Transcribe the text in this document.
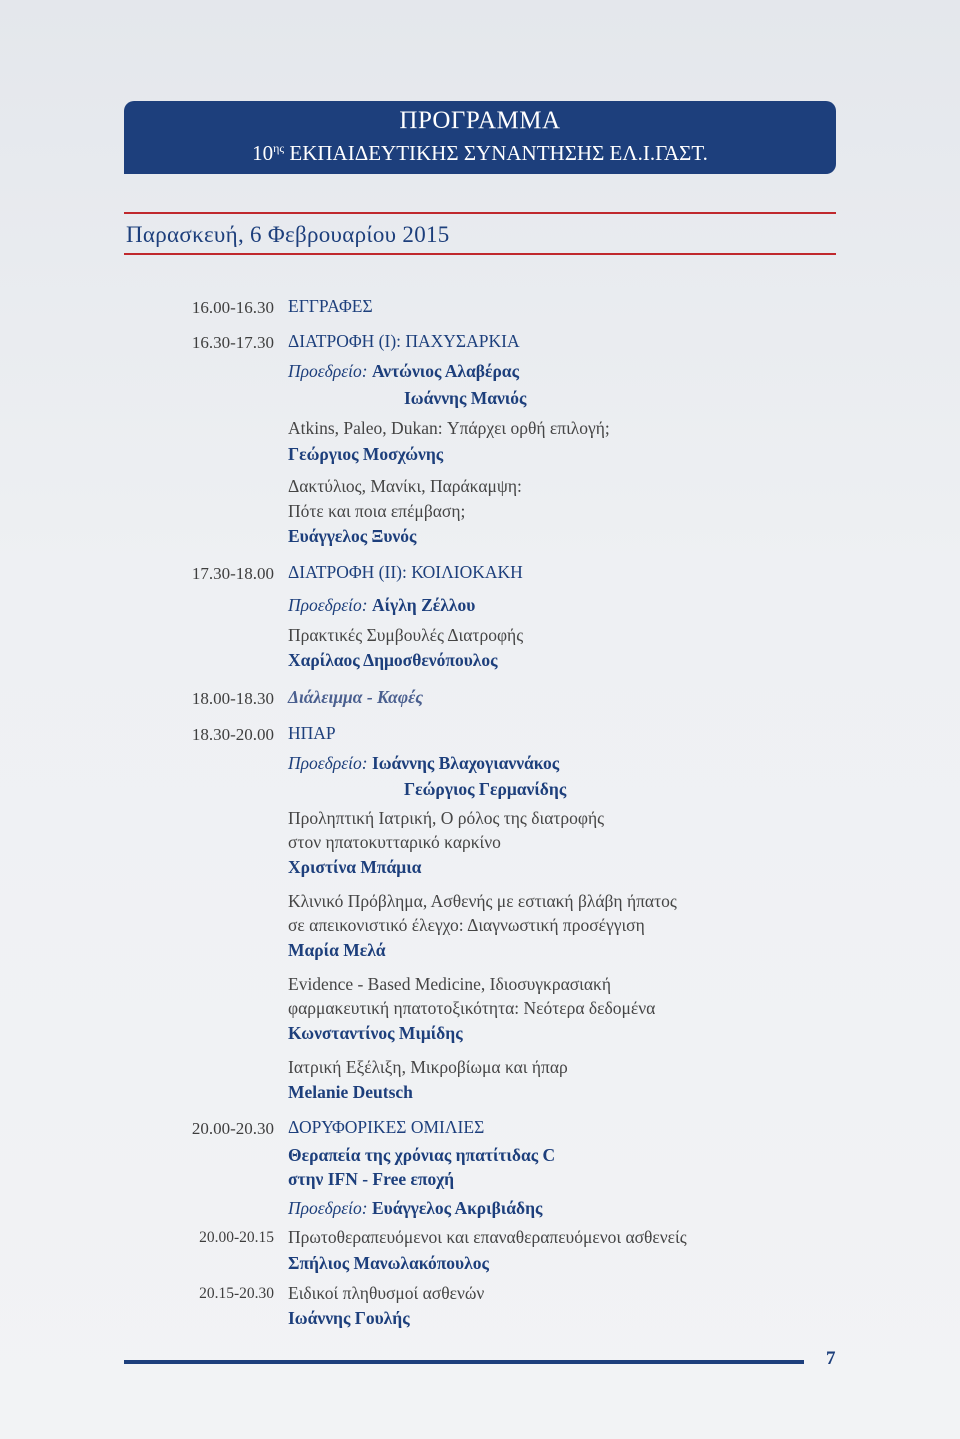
ΠΡΟΓΡΑΜΜΑ
$10^{\eta\varsigma}$ ΕΚΠΑΙΔΕΥΤΙΚΗΣ ΣΥΝΑΝΤΗΣΗΣ ΕΛ.Ι.ΓΑΣΤ.
Παρασκευή, 6 Φεβρουαρίου 2015
16.00-16.30 ΕΓΓΡΑΦΕΣ
16.30-17.30 ΔΙΑΤΡΟΦΗ (Ι): ΠΑΧΥΣΑΡΚΙΑ
Προεδρείο: Αντώνιος Αλαβέρας
Ιωάννης Μανιός
Atkins, Paleo, Dukan: Υπάρχει ορθή επιλογή;
Γεώργιος Μοσχώνης
Δακτύλιος, Μανίκι, Παράκαμψη:
Πότε και ποια επέμβαση;
Ευάγγελος Ξυνός
17.30-18.00 ΔΙΑΤΡΟΦΗ (ΙΙ): ΚΟΙΛΙΟΚΑΚΗ
Προεδρείο: Αίγλη Ζέλλου
Πρακτικές Συμβουλές Διατροφής
Χαρίλαος Δημοσθενόπουλος
18.00-18.30 Διάλειμμα - Καφές
18.30-20.00 ΗΠΑΡ
Προεδρείο: Ιωάννης Βλαχογιαννάκος
Γεώργιος Γερμανίδης
Προληπτική Ιατρική, Ο ρόλος της διατροφής
στον ηπατοκυτταρικό καρκίνο
Χριστίνα Μπάμια
Κλινικό Πρόβλημα, Ασθενής με εστιακή βλάβη ήπατος
σε απεικονιστικό έλεγχο: Διαγνωστική προσέγγιση
Μαρία Μελά
Evidence - Based Medicine, Ιδιοσυγκρασιακή
φαρμακευτική ηπατοτοξικότητα: Νεότερα δεδομένα
Κωνσταντίνος Μιμίδης
Ιατρική Εξέλιξη, Μικροβίωμα και ήπαρ
Melanie Deutsch
20.00-20.30 ΔΟΡΥΦΟΡΙΚΕΣ ΟΜΙΛΙΕΣ
Θεραπεία της χρόνιας ηπατίτιδας C
στην IFN - Free εποχή
Προεδρείο: Ευάγγελος Ακριβιάδης
20.00-20.15 Πρωτοθεραπευόμενοι και επαναθεραπευόμενοι ασθενείς
Σπήλιος Μανωλακόπουλος
20.15-20.30 Ειδικοί πληθυσμοί ασθενών
Ιωάννης Γουλής
7
